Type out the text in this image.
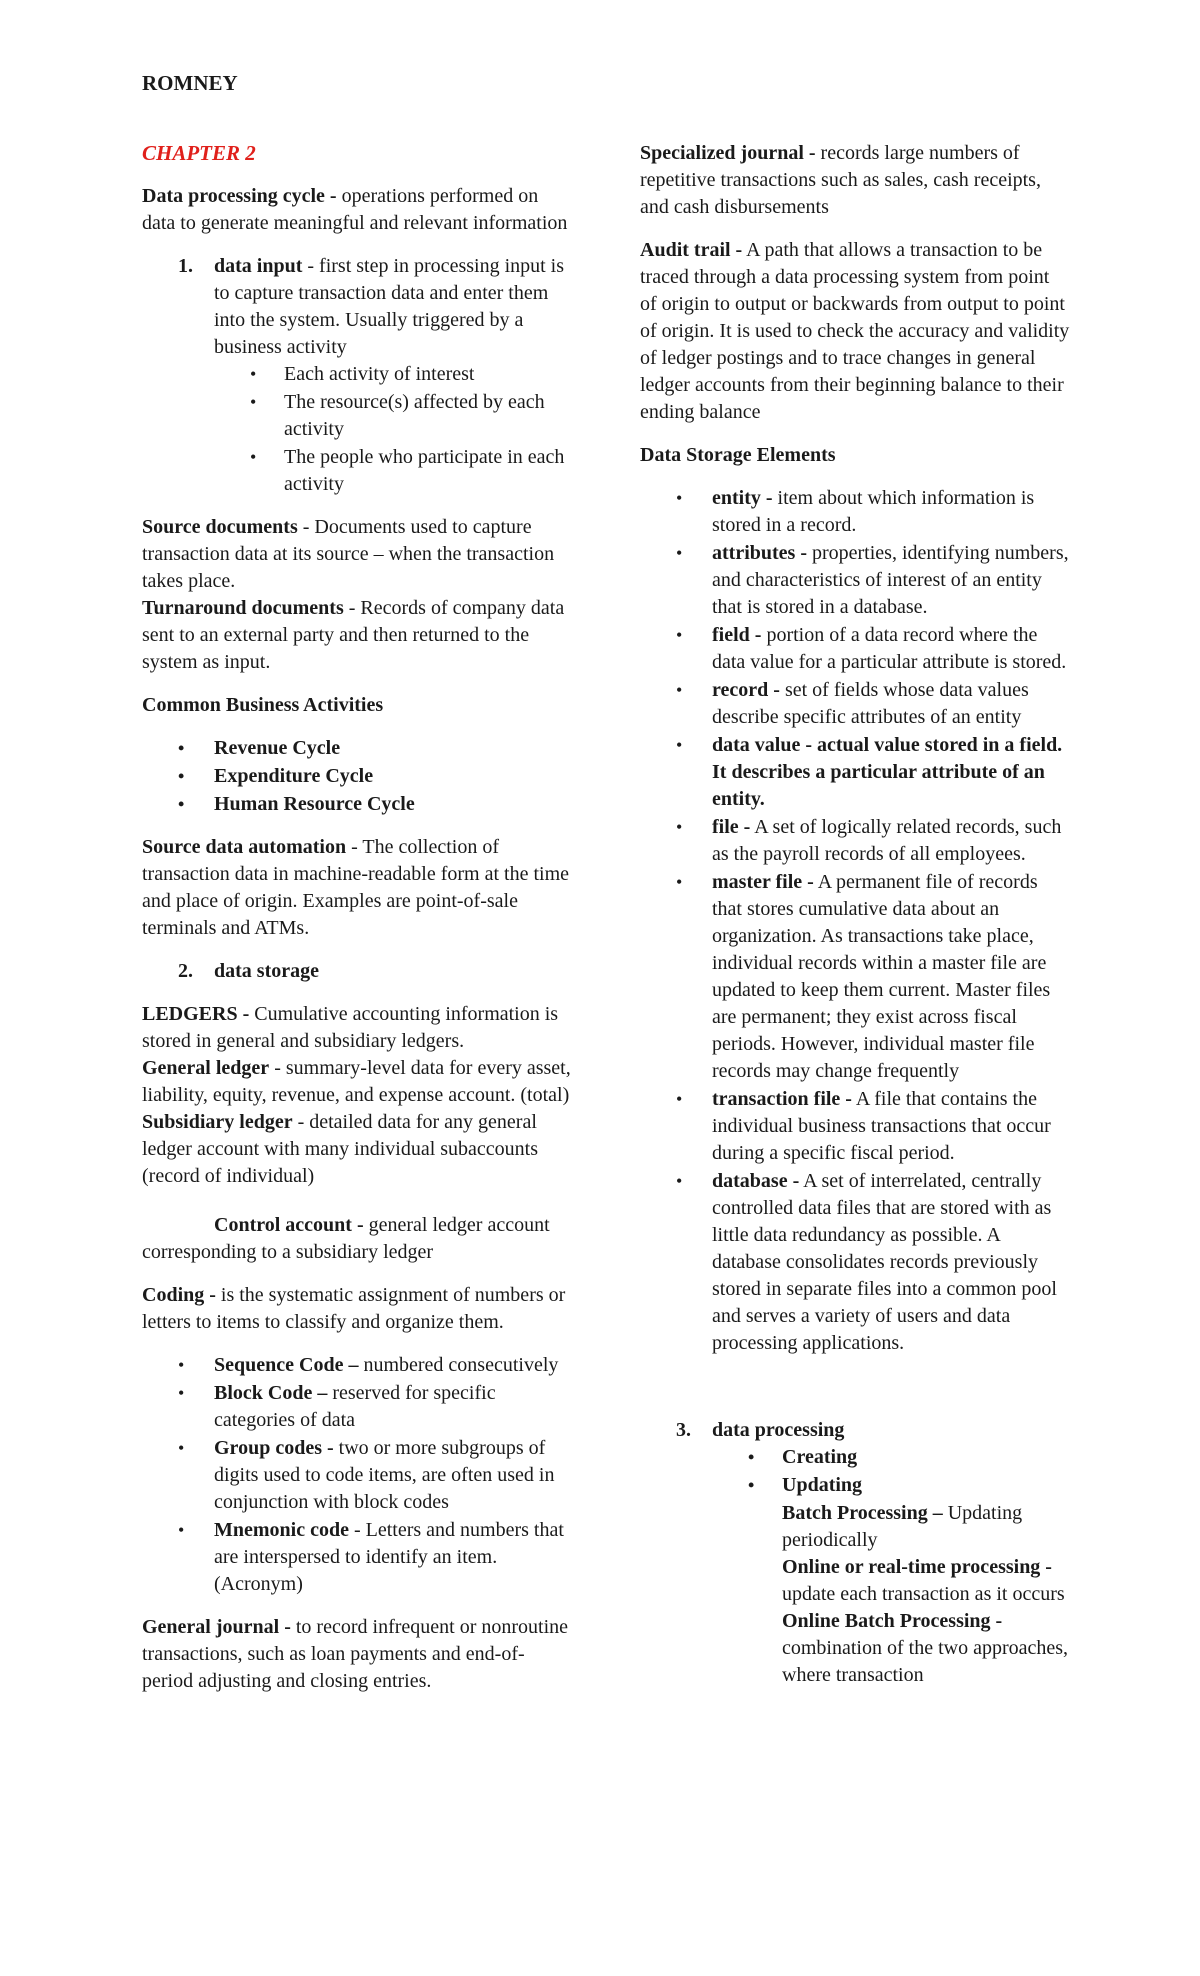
ROMNEY

CHAPTER 2

Data processing cycle - operations performed on data to generate meaningful and relevant information

1. data input - first step in processing input is to capture transaction data and enter them into the system. Usually triggered by a business activity

• Each activity of interest
• The resource(s) affected by each activity
• The people who participate in each activity

Source documents - Documents used to capture transaction data at its source – when the transaction takes place.

Turnaround documents - Records of company data sent to an external party and then returned to the system as input.

Common Business Activities

• Revenue Cycle
• Expenditure Cycle
• Human Resource Cycle

Source data automation - The collection of transaction data in machine-readable form at the time and place of origin. Examples are point-of-sale terminals and ATMs.

2. data storage

LEDGERS - Cumulative accounting information is stored in general and subsidiary ledgers.

General ledger - summary-level data for every asset, liability, equity, revenue, and expense account. (total)

Subsidiary ledger - detailed data for any general ledger account with many individual subaccounts (record of individual)

Control account - general ledger account corresponding to a subsidiary ledger

Coding - is the systematic assignment of numbers or letters to items to classify and organize them.

• Sequence Code – numbered consecutively
• Block Code – reserved for specific categories of data
• Group codes - two or more subgroups of digits used to code items, are often used in conjunction with block codes
• Mnemonic code - Letters and numbers that are interspersed to identify an item. (Acronym)

General journal - to record infrequent or nonroutine transactions, such as loan payments and end-of-period adjusting and closing entries.

Specialized journal - records large numbers of repetitive transactions such as sales, cash receipts, and cash disbursements

Audit trail - A path that allows a transaction to be traced through a data processing system from point of origin to output or backwards from output to point of origin. It is used to check the accuracy and validity of ledger postings and to trace changes in general ledger accounts from their beginning balance to their ending balance

Data Storage Elements

• entity - item about which information is stored in a record.
• attributes - properties, identifying numbers, and characteristics of interest of an entity that is stored in a database.
• field - portion of a data record where the data value for a particular attribute is stored.
• record - set of fields whose data values describe specific attributes of an entity
• data value - actual value stored in a field. It describes a particular attribute of an entity.
• file - A set of logically related records, such as the payroll records of all employees.
• master file - A permanent file of records that stores cumulative data about an organization. As transactions take place, individual records within a master file are updated to keep them current. Master files are permanent; they exist across fiscal periods. However, individual master file records may change frequently
• transaction file - A file that contains the individual business transactions that occur during a specific fiscal period.
• database - A set of interrelated, centrally controlled data files that are stored with as little data redundancy as possible. A database consolidates records previously stored in separate files into a common pool and serves a variety of users and data processing applications.

3. data processing

• Creating
• Updating

Batch Processing – Updating periodically

Online or real-time processing - update each transaction as it occurs

Online Batch Processing - combination of the two approaches, where transaction
